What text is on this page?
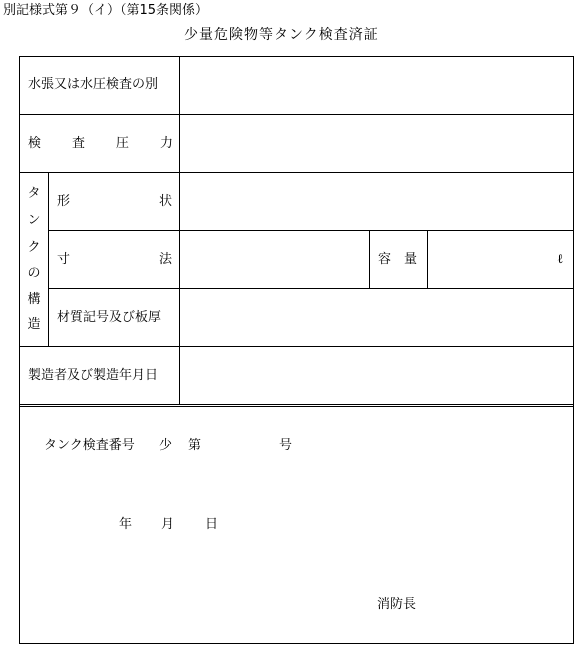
別記様式第９（イ）（第15条関係）
少量危険物等タンク検査済証
水張又は水圧検査の別
検 査 圧 力
タ
ン
ク
の
構
造
形	状
寸	法	容　量	ℓ
材質記号及び板厚
製造者及び製造年月日
タンク検査番号 少 第	号
年 月 日
消防長
